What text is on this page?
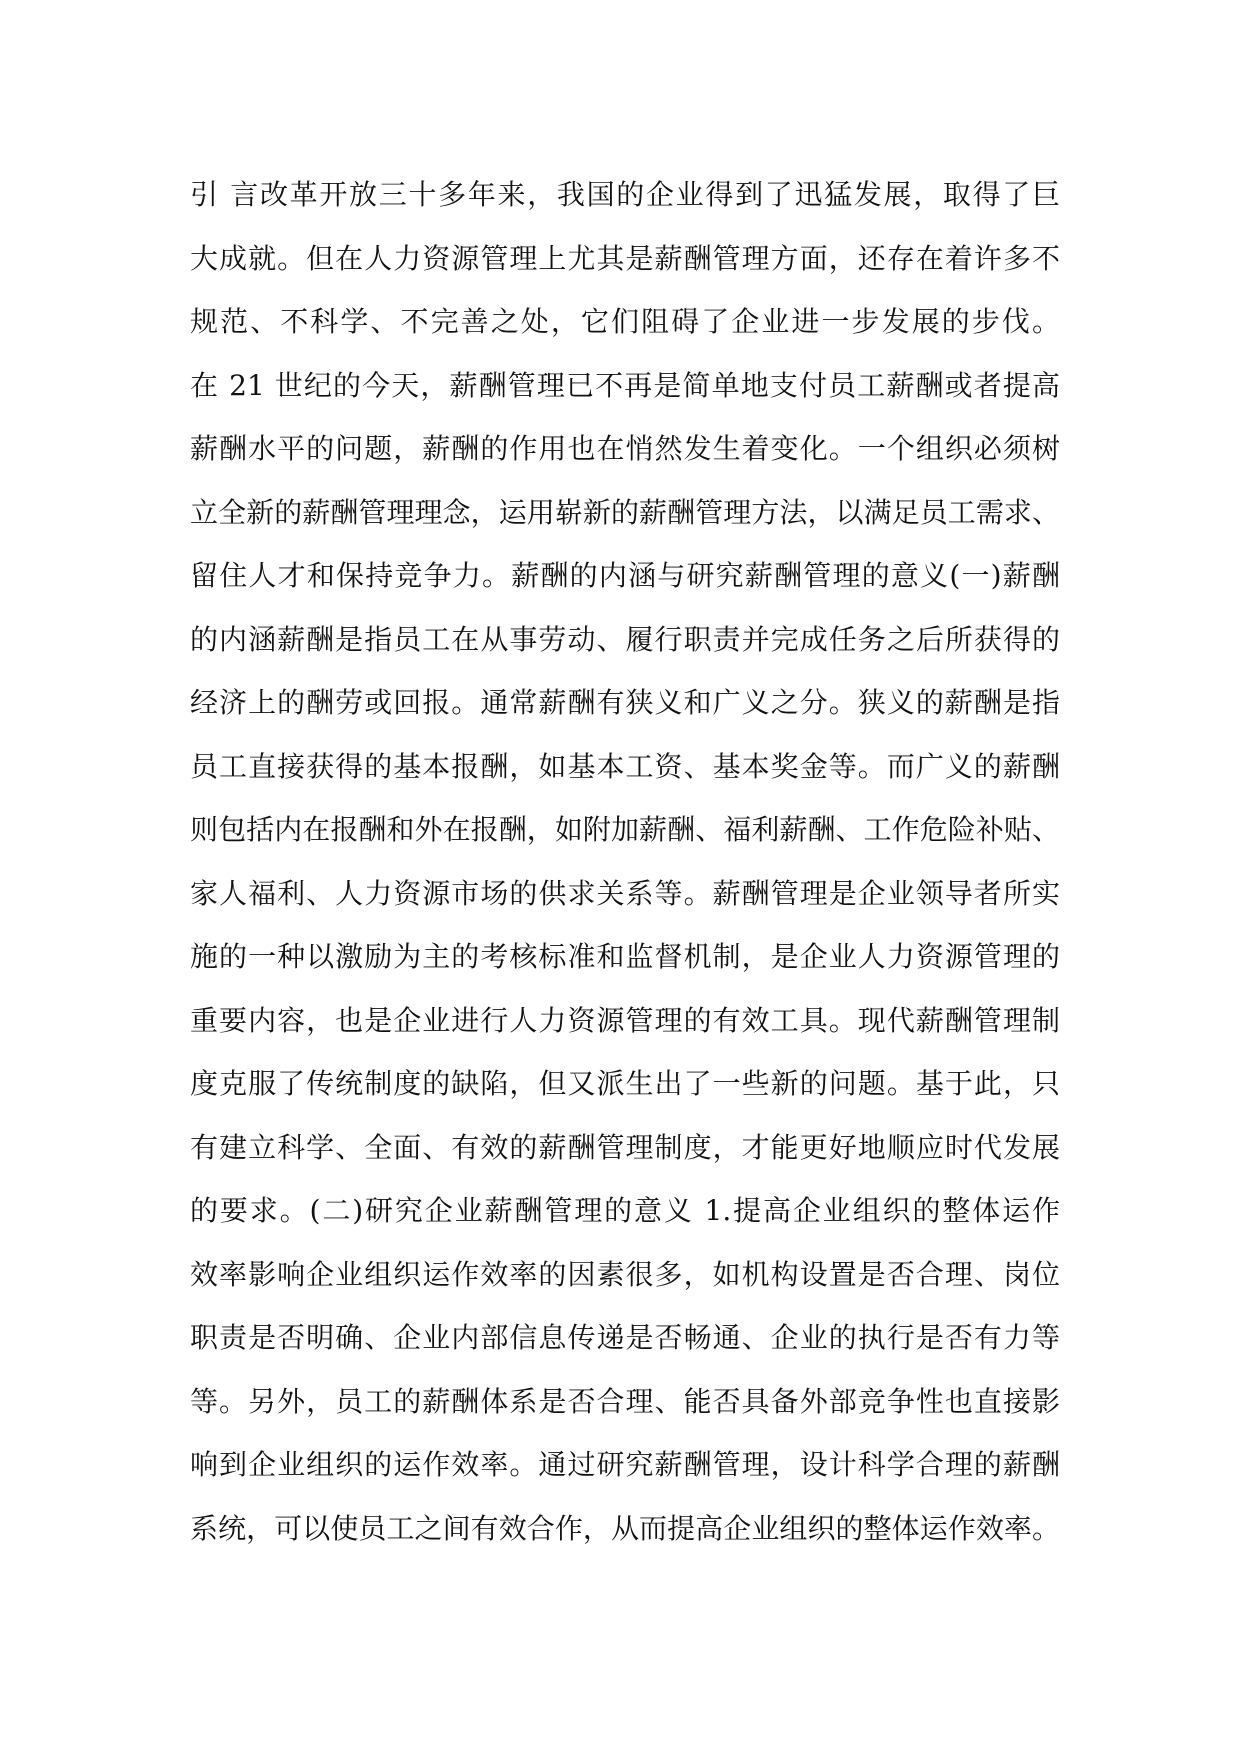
引 言改革开放三十多年来，我国的企业得到了迅猛发展，取得了巨
大成就。但在人力资源管理上尤其是薪酬管理方面，还存在着许多不
规范、不科学、不完善之处，它们阻碍了企业进一步发展的步伐。
在 21 世纪的今天，薪酬管理已不再是简单地支付员工薪酬或者提高
薪酬水平的问题，薪酬的作用也在悄然发生着变化。一个组织必须树
立全新的薪酬管理理念，运用崭新的薪酬管理方法，以满足员工需求、
留住人才和保持竞争力。薪酬的内涵与研究薪酬管理的意义(一)薪酬
的内涵薪酬是指员工在从事劳动、履行职责并完成任务之后所获得的
经济上的酬劳或回报。通常薪酬有狭义和广义之分。狭义的薪酬是指
员工直接获得的基本报酬，如基本工资、基本奖金等。而广义的薪酬
则包括内在报酬和外在报酬，如附加薪酬、福利薪酬、工作危险补贴、
家人福利、人力资源市场的供求关系等。薪酬管理是企业领导者所实
施的一种以激励为主的考核标准和监督机制，是企业人力资源管理的
重要内容，也是企业进行人力资源管理的有效工具。现代薪酬管理制
度克服了传统制度的缺陷，但又派生出了一些新的问题。基于此，只
有建立科学、全面、有效的薪酬管理制度，才能更好地顺应时代发展
的要求。(二)研究企业薪酬管理的意义 1.提高企业组织的整体运作
效率影响企业组织运作效率的因素很多，如机构设置是否合理、岗位
职责是否明确、企业内部信息传递是否畅通、企业的执行是否有力等
等。另外，员工的薪酬体系是否合理、能否具备外部竞争性也直接影
响到企业组织的运作效率。通过研究薪酬管理，设计科学合理的薪酬
系统，可以使员工之间有效合作，从而提高企业组织的整体运作效率。
